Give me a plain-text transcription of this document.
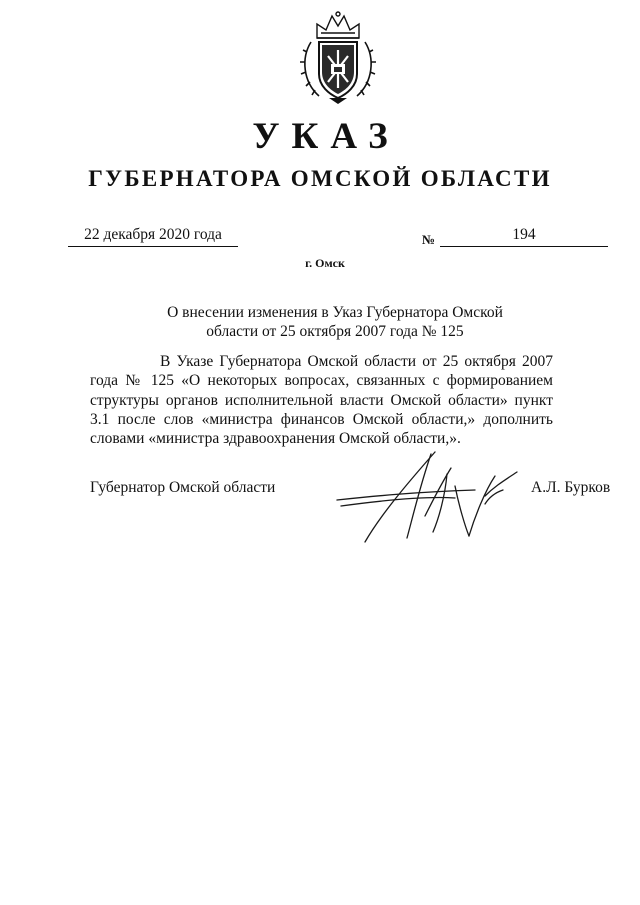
УКАЗ
ГУБЕРНАТОРА ОМСКОЙ ОБЛАСТИ
22 декабря 2020 года	№	194
г. Омск
О внесении изменения в Указ Губернатора Омской
области от 25 октября 2007 года № 125
В Указе Губернатора Омской области от 25 октября 2007 года № 125 «О некоторых вопросах, связанных с формированием структуры органов исполнительной власти Омской области» пункт 3.1 после слов «министра финансов Омской области,» дополнить словами «министра здравоохранения Омской области,».
Губернатор Омской области	А.Л. Бурков
